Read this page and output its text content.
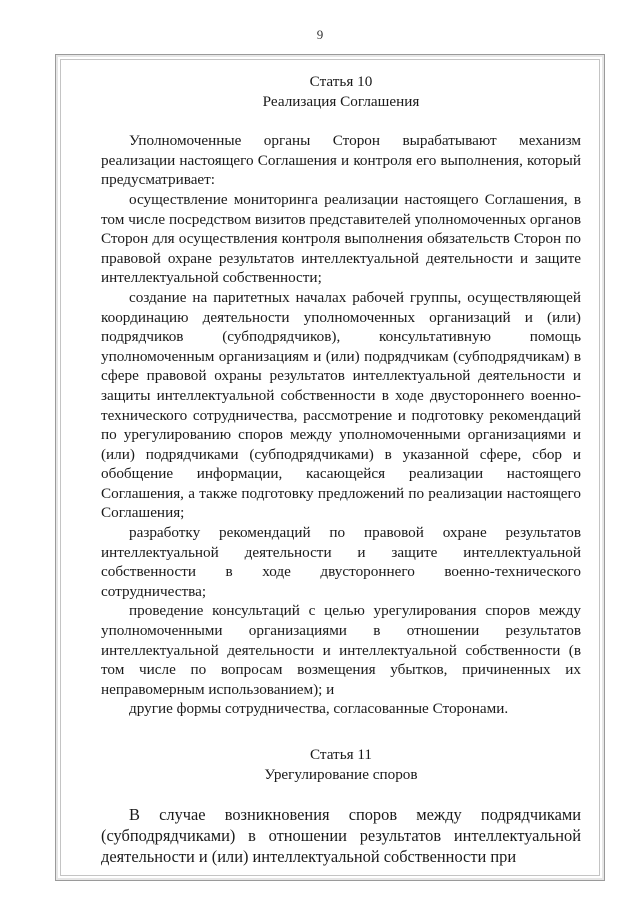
9

Статья 10

Реализация Соглашения

Уполномоченные органы Сторон вырабатывают механизм реализации настоящего Соглашения и контроля его выполнения, который предусматривает:

осуществление мониторинга реализации настоящего Соглашения, в том числе посредством визитов представителей уполномоченных органов Сторон для осуществления контроля выполнения обязательств Сторон по правовой охране результатов интеллектуальной деятельности и защите интеллектуальной собственности;

создание на паритетных началах рабочей группы, осуществляющей координацию деятельности уполномоченных организаций и (или) подрядчиков (субподрядчиков), консультативную помощь уполномоченным организациям и (или) подрядчикам (субподрядчикам) в сфере правовой охраны результатов интеллектуальной деятельности и защиты интеллектуальной собственности в ходе двустороннего военно-технического сотрудничества, рассмотрение и подготовку рекомендаций по урегулированию споров между уполномоченными организациями и (или) подрядчиками (субподрядчиками) в указанной сфере, сбор и обобщение информации, касающейся реализации настоящего Соглашения, а также подготовку предложений по реализации настоящего Соглашения;

разработку рекомендаций по правовой охране результатов интеллектуальной деятельности и защите интеллектуальной собственности в ходе двустороннего военно-технического сотрудничества;

проведение консультаций с целью урегулирования споров между уполномоченными организациями в отношении результатов интеллектуальной деятельности и интеллектуальной собственности (в том числе по вопросам возмещения убытков, причиненных их неправомерным использованием); и

другие формы сотрудничества, согласованные Сторонами.

Статья 11

Урегулирование споров

В случае возникновения споров между подрядчиками (субподрядчиками) в отношении результатов интеллектуальной деятельности и (или) интеллектуальной собственности при
